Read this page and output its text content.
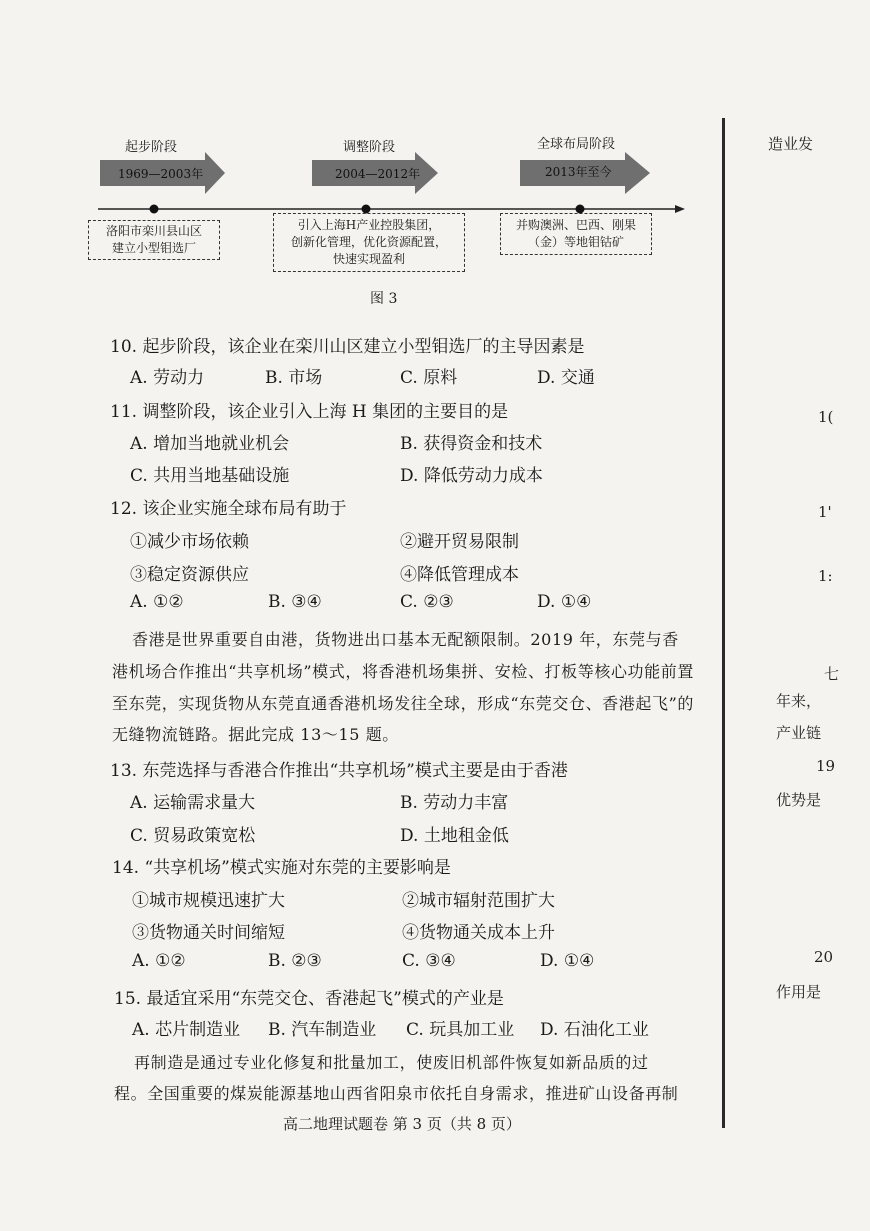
起步阶段	调整阶段	全球布局阶段
1969—2003年	2004—2012年	2013年至今
洛阳市栾川县山区
建立小型钼选厂
引入上海H产业控股集团，
创新化管理，优化资源配置，
快速实现盈利
并购澳洲、巴西、刚果
（金）等地钼钴矿
图 3
10. 起步阶段，该企业在栾川山区建立小型钼选厂的主导因素是
A. 劳动力	B. 市场	C. 原料	D. 交通
11. 调整阶段，该企业引入上海 H 集团的主要目的是
A. 增加当地就业机会	B. 获得资金和技术
C. 共用当地基础设施	D. 降低劳动力成本
12. 该企业实施全球布局有助于
①减少市场依赖	②避开贸易限制
③稳定资源供应	④降低管理成本
A. ①②	B. ③④	C. ②③	D. ①④
香港是世界重要自由港，货物进出口基本无配额限制。2019 年，东莞与香
港机场合作推出“共享机场”模式，将香港机场集拼、安检、打板等核心功能前置
至东莞，实现货物从东莞直通香港机场发往全球，形成“东莞交仓、香港起飞”的
无缝物流链路。据此完成 13～15 题。
13. 东莞选择与香港合作推出“共享机场”模式主要是由于香港
A. 运输需求量大	B. 劳动力丰富
C. 贸易政策宽松	D. 土地租金低
14. “共享机场”模式实施对东莞的主要影响是
①城市规模迅速扩大	②城市辐射范围扩大
③货物通关时间缩短	④货物通关成本上升
A. ①②	B. ②③	C. ③④	D. ①④
15. 最适宜采用“东莞交仓、香港起飞”模式的产业是
A. 芯片制造业 B. 汽车制造业 C. 玩具加工业 D. 石油化工业
再制造是通过专业化修复和批量加工，使废旧机部件恢复如新品质的过
程。全国重要的煤炭能源基地山西省阳泉市依托自身需求，推进矿山设备再制
高二地理试题卷 第 3 页（共 8 页）
造业发
1(
1'
1:
七
年来，
产业链
19
优势是
20
作用是
